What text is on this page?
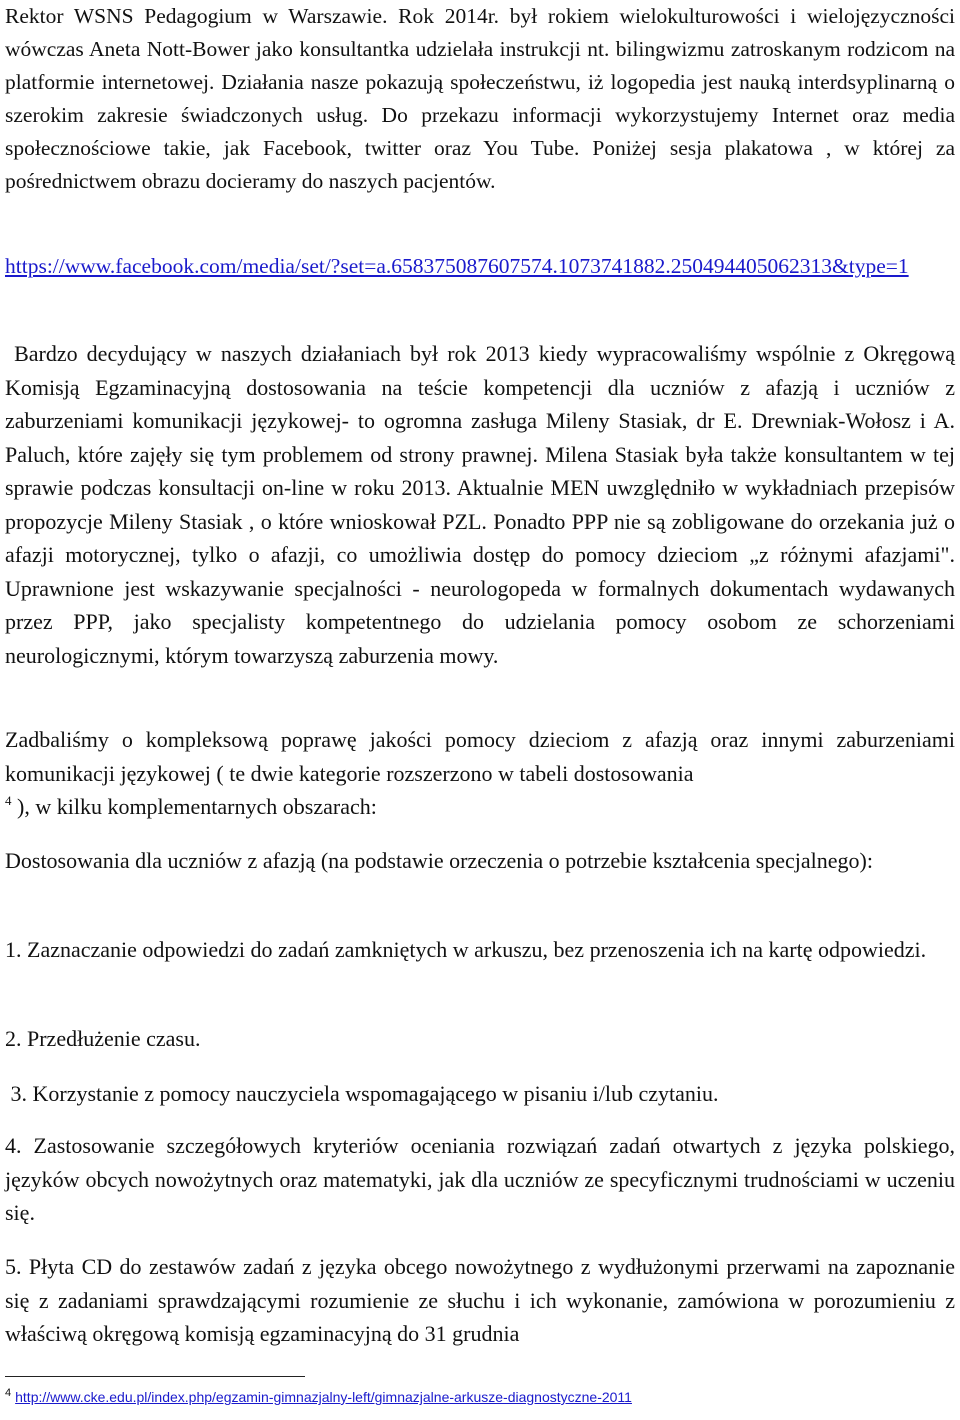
Rektor WSNS Pedagogium w Warszawie. Rok 2014r. był rokiem wielokulturowości i wielojęzyczności wówczas Aneta Nott-Bower jako konsultantka udzielała instrukcji nt. bilingwizmu zatroskanym rodzicom na platformie internetowej. Działania nasze pokazują społeczeństwu, iż logopedia jest nauką interdsyplinarną o szerokim zakresie świadczonych usług. Do przekazu informacji wykorzystujemy Internet oraz media społecznościowe takie, jak Facebook, twitter oraz You Tube. Poniżej sesja plakatowa , w której za pośrednictwem obrazu docieramy do naszych pacjentów.

https://www.facebook.com/media/set/?set=a.658375087607574.1073741882.250494405062313&type=1

Bardzo decydujący w naszych działaniach był rok 2013 kiedy wypracowaliśmy wspólnie z Okręgową Komisją Egzaminacyjną dostosowania na teście kompetencji dla uczniów z afazją i uczniów z zaburzeniami komunikacji językowej- to ogromna zasługa Mileny Stasiak, dr E. Drewniak-Wołosz i A. Paluch, które zajęły się tym problemem od strony prawnej. Milena Stasiak była także konsultantem w tej sprawie podczas konsultacji on-line w roku 2013. Aktualnie MEN uwzględniło w wykładniach przepisów propozycje Mileny Stasiak , o które wnioskował PZL. Ponadto PPP nie są zobligowane do orzekania już o afazji motorycznej, tylko o afazji, co umożliwia dostęp do pomocy dzieciom „z różnymi afazjami". Uprawnione jest wskazywanie specjalności - neurologopeda w formalnych dokumentach wydawanych przez PPP, jako specjalisty kompetentnego do udzielania pomocy osobom ze schorzeniami neurologicznymi, którym towarzyszą zaburzenia mowy.

Zadbaliśmy o kompleksową poprawę jakości pomocy dzieciom z afazją oraz innymi zaburzeniami komunikacji językowej ( te dwie kategorie rozszerzono w tabeli dostosowania
$^4$ ), w kilku komplementarnych obszarach:

Dostosowania dla uczniów z afazją (na podstawie orzeczenia o potrzebie kształcenia specjalnego):

1. Zaznaczanie odpowiedzi do zadań zamkniętych w arkuszu, bez przenoszenia ich na kartę odpowiedzi.

2. Przedłużenie czasu.

3. Korzystanie z pomocy nauczyciela wspomagającego w pisaniu i/lub czytaniu.

4. Zastosowanie szczegółowych kryteriów oceniania rozwiązań zadań otwartych z języka polskiego, języków obcych nowożytnych oraz matematyki, jak dla uczniów ze specyficznymi trudnościami w uczeniu się.

5. Płyta CD do zestawów zadań z języka obcego nowożytnego z wydłużonymi przerwami na zapoznanie się z zadaniami sprawdzającymi rozumienie ze słuchu i ich wykonanie, zamówiona w porozumieniu z właściwą okręgową komisją egzaminacyjną do 31 grudnia

$^4$ http://www.cke.edu.pl/index.php/egzamin-gimnazjalny-left/gimnazjalne-arkusze-diagnostyczne-2011
